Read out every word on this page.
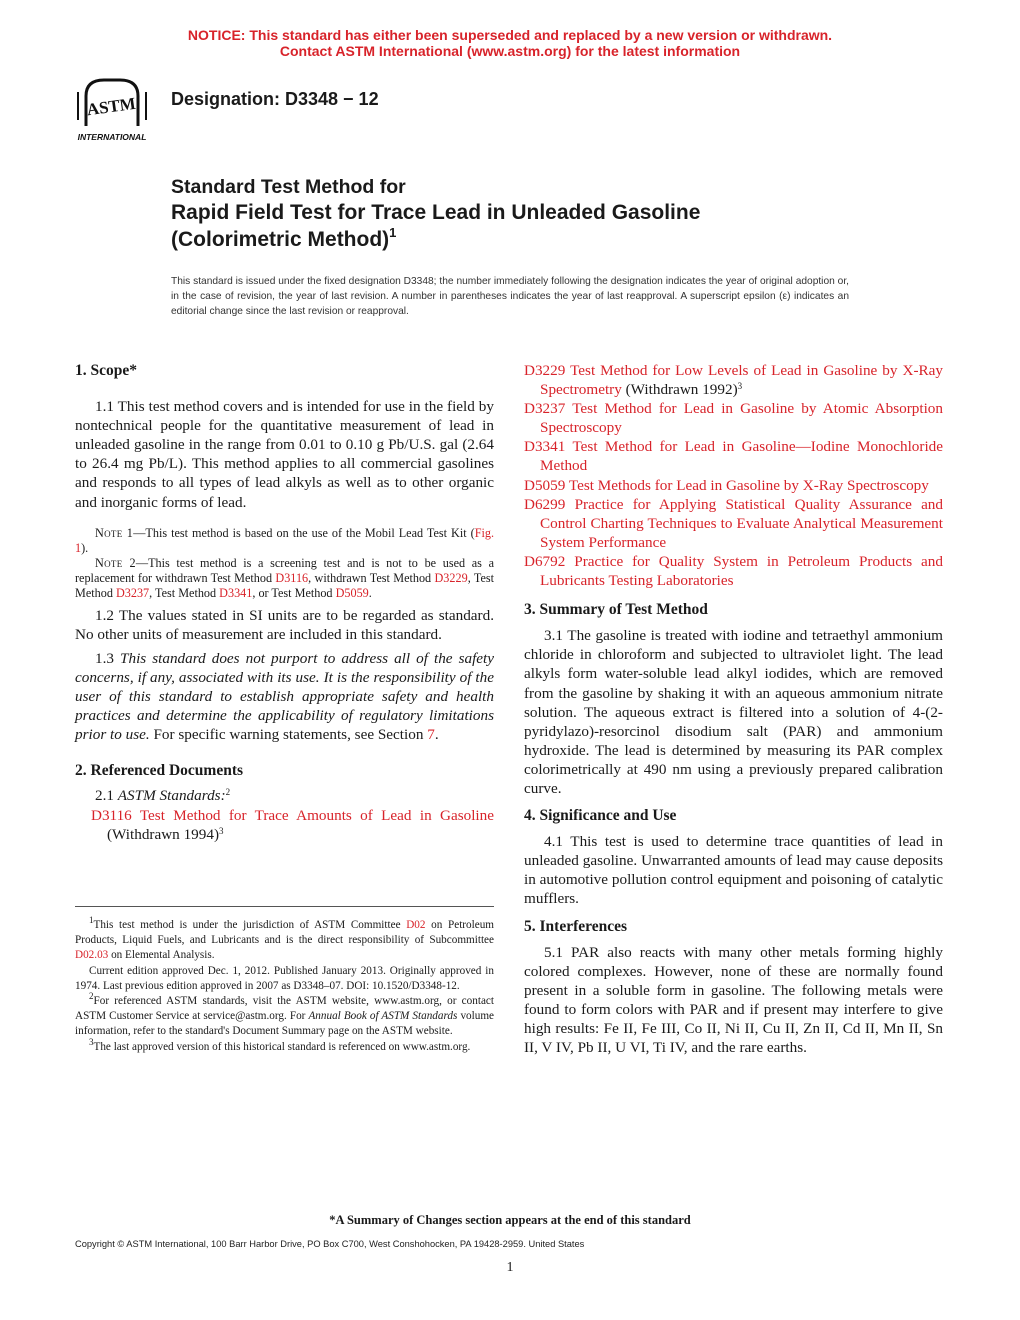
NOTICE: This standard has either been superseded and replaced by a new version or withdrawn.
Contact ASTM International (www.astm.org) for the latest information
ASTM
INTERNATIONAL
Designation: D3348 − 12
Standard Test Method for
Rapid Field Test for Trace Lead in Unleaded Gasoline
(Colorimetric Method)$^1$
This standard is issued under the fixed designation D3348; the number immediately following the designation indicates the year of original adoption or, in the case of revision, the year of last revision. A number in parentheses indicates the year of last reapproval. A superscript epsilon (ε) indicates an editorial change since the last revision or reapproval.

1. Scope*

1.1 This test method covers and is intended for use in the field by nontechnical people for the quantitative measurement of lead in unleaded gasoline in the range from 0.01 to 0.10 g Pb/U.S. gal (2.64 to 26.4 mg Pb/L). This method applies to all commercial gasolines and responds to all types of lead alkyls as well as to other organic and inorganic forms of lead.

Note 1—This test method is based on the use of the Mobil Lead Test Kit (Fig. 1).

Note 2—This test method is a screening test and is not to be used as a replacement for withdrawn Test Method D3116, withdrawn Test Method D3229, Test Method D3237, Test Method D3341, or Test Method D5059.

1.2 The values stated in SI units are to be regarded as standard. No other units of measurement are included in this standard.

1.3 This standard does not purport to address all of the safety concerns, if any, associated with its use. It is the responsibility of the user of this standard to establish appropriate safety and health practices and determine the applicability of regulatory limitations prior to use. For specific warning statements, see Section 7.

2. Referenced Documents

2.1 ASTM Standards:$^2$

D3116 Test Method for Trace Amounts of Lead in Gasoline (Withdrawn 1994)$^3$

$^1$This test method is under the jurisdiction of ASTM Committee D02 on Petroleum Products, Liquid Fuels, and Lubricants and is the direct responsibility of Subcommittee D02.03 on Elemental Analysis.

Current edition approved Dec. 1, 2012. Published January 2013. Originally approved in 1974. Last previous edition approved in 2007 as D3348–07. DOI: 10.1520/D3348-12.

$^2$For referenced ASTM standards, visit the ASTM website, www.astm.org, or contact ASTM Customer Service at service@astm.org. For Annual Book of ASTM Standards volume information, refer to the standard's Document Summary page on the ASTM website.

$^3$The last approved version of this historical standard is referenced on www.astm.org.

D3229 Test Method for Low Levels of Lead in Gasoline by X-Ray Spectrometry (Withdrawn 1992)$^3$

D3237 Test Method for Lead in Gasoline by Atomic Absorption Spectroscopy

D3341 Test Method for Lead in Gasoline—Iodine Monochloride Method

D5059 Test Methods for Lead in Gasoline by X-Ray Spectroscopy

D6299 Practice for Applying Statistical Quality Assurance and Control Charting Techniques to Evaluate Analytical Measurement System Performance

D6792 Practice for Quality System in Petroleum Products and Lubricants Testing Laboratories

3. Summary of Test Method

3.1 The gasoline is treated with iodine and tetraethyl ammonium chloride in chloroform and subjected to ultraviolet light. The lead alkyls form water-soluble lead alkyl iodides, which are removed from the gasoline by shaking it with an aqueous ammonium nitrate solution. The aqueous extract is filtered into a solution of 4-(2-pyridylazo)-resorcinol disodium salt (PAR) and ammonium hydroxide. The lead is determined by measuring its PAR complex colorimetrically at 490 nm using a previously prepared calibration curve.

4. Significance and Use

4.1 This test is used to determine trace quantities of lead in unleaded gasoline. Unwarranted amounts of lead may cause deposits in automotive pollution control equipment and poisoning of catalytic mufflers.

5. Interferences

5.1 PAR also reacts with many other metals forming highly colored complexes. However, none of these are normally found present in a soluble form in gasoline. The following metals were found to form colors with PAR and if present may interfere to give high results: Fe II, Fe III, Co II, Ni II, Cu II, Zn II, Cd II, Mn II, Sn II, V IV, Pb II, U VI, Ti IV, and the rare earths.

*A Summary of Changes section appears at the end of this standard
Copyright © ASTM International, 100 Barr Harbor Drive, PO Box C700, West Conshohocken, PA 19428-2959. United States
1
